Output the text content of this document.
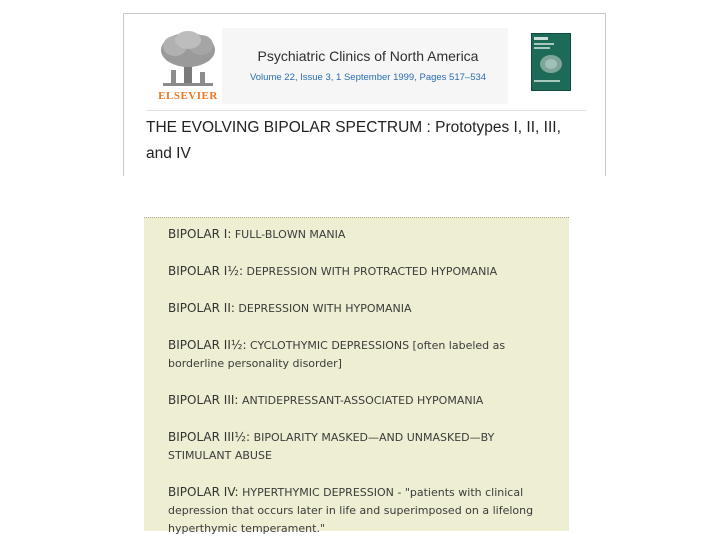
ELSEVIER
Psychiatric Clinics of North America
Volume 22, Issue 3, 1 September 1999, Pages 517–534
THE EVOLVING BIPOLAR SPECTRUM : Prototypes I, II, III, and IV
BIPOLAR I: FULL-BLOWN MANIA
BIPOLAR I½: DEPRESSION WITH PROTRACTED HYPOMANIA
BIPOLAR II: DEPRESSION WITH HYPOMANIA
BIPOLAR II½: CYCLOTHYMIC DEPRESSIONS [often labeled as borderline personality disorder]
BIPOLAR III: ANTIDEPRESSANT-ASSOCIATED HYPOMANIA
BIPOLAR III½: BIPOLARITY MASKED—AND UNMASKED—BY STIMULANT ABUSE
BIPOLAR IV: HYPERTHYMIC DEPRESSION - "patients with clinical depression that occurs later in life and superimposed on a lifelong hyperthymic temperament."
